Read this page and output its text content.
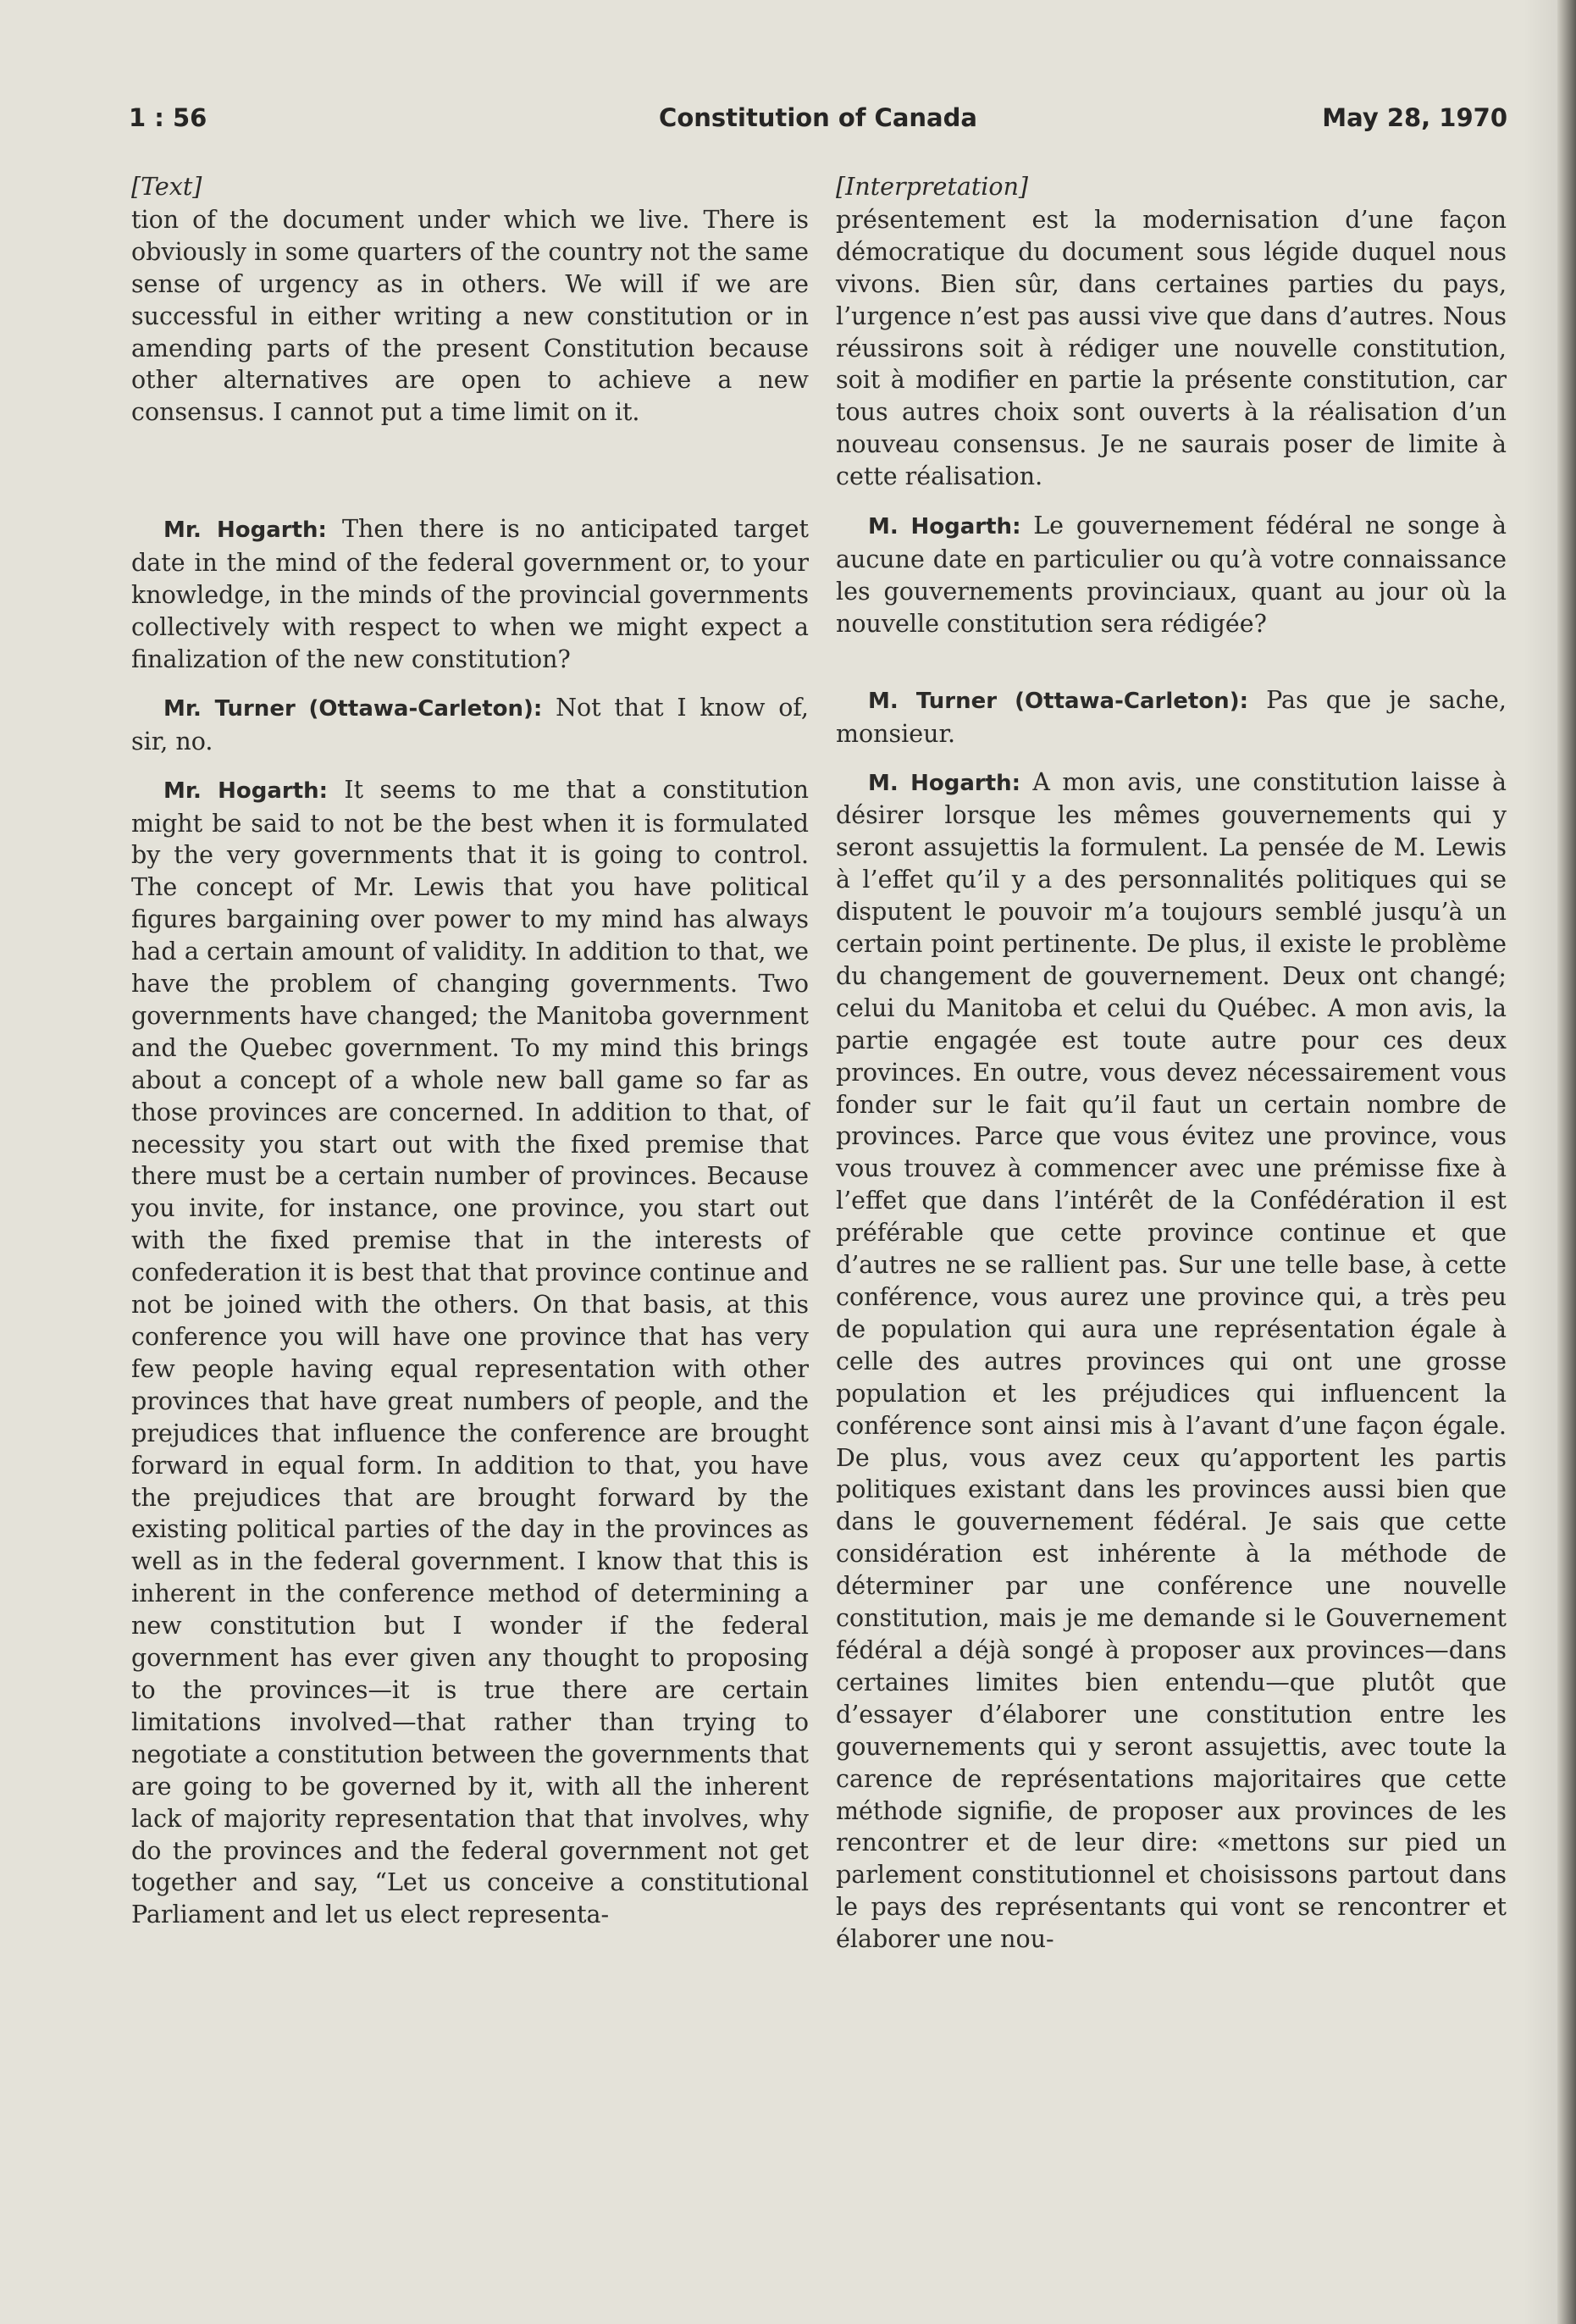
1 : 56	Constitution of Canada	May 28, 1970
[Text]

tion of the document under which we live. There is obviously in some quarters of the country not the same sense of urgency as in others. We will if we are successful in either writing a new constitution or in amending parts of the present Constitution because other alternatives are open to achieve a new consensus. I cannot put a time limit on it.

Mr. Hogarth: Then there is no anticipated target date in the mind of the federal government or, to your knowledge, in the minds of the provincial governments collectively with respect to when we might expect a finalization of the new constitution?

Mr. Turner (Ottawa-Carleton): Not that I know of, sir, no.

Mr. Hogarth: It seems to me that a constitution might be said to not be the best when it is formulated by the very governments that it is going to control. The concept of Mr. Lewis that you have political figures bargaining over power to my mind has always had a certain amount of validity. In addition to that, we have the problem of changing governments. Two governments have changed; the Manitoba government and the Quebec government. To my mind this brings about a concept of a whole new ball game so far as those provinces are concerned. In addition to that, of necessity you start out with the fixed premise that there must be a certain number of provinces. Because you invite, for instance, one province, you start out with the fixed premise that in the interests of confederation it is best that that province continue and not be joined with the others. On that basis, at this conference you will have one province that has very few people having equal representation with other provinces that have great numbers of people, and the prejudices that influence the conference are brought forward in equal form. In addition to that, you have the prejudices that are brought forward by the existing political parties of the day in the provinces as well as in the federal government. I know that this is inherent in the conference method of determining a new constitution but I wonder if the federal government has ever given any thought to proposing to the provinces—it is true there are certain limitations involved—that rather than trying to negotiate a constitution between the governments that are going to be governed by it, with all the inherent lack of majority representation that that involves, why do the provinces and the federal government not get together and say, “Let us conceive a constitutional Parliament and let us elect representa-

[Interpretation]

présentement est la modernisation d’une façon démocratique du document sous légide duquel nous vivons. Bien sûr, dans certaines parties du pays, l’urgence n’est pas aussi vive que dans d’autres. Nous réussirons soit à rédiger une nouvelle constitution, soit à modifier en partie la présente constitution, car tous autres choix sont ouverts à la réalisation d’un nouveau consensus. Je ne saurais poser de limite à cette réalisation.

M. Hogarth: Le gouvernement fédéral ne songe à aucune date en particulier ou qu’à votre connaissance les gouvernements provinciaux, quant au jour où la nouvelle constitution sera rédigée?

M. Turner (Ottawa-Carleton): Pas que je sache, monsieur.

M. Hogarth: A mon avis, une constitution laisse à désirer lorsque les mêmes gouvernements qui y seront assujettis la formulent. La pensée de M. Lewis à l’effet qu’il y a des personnalités politiques qui se disputent le pouvoir m’a toujours semblé jusqu’à un certain point pertinente. De plus, il existe le problème du changement de gouvernement. Deux ont changé; celui du Manitoba et celui du Québec. A mon avis, la partie engagée est toute autre pour ces deux provinces. En outre, vous devez nécessairement vous fonder sur le fait qu’il faut un certain nombre de provinces. Parce que vous évitez une province, vous vous trouvez à commencer avec une prémisse fixe à l’effet que dans l’intérêt de la Confédération il est préférable que cette province continue et que d’autres ne se rallient pas. Sur une telle base, à cette conférence, vous aurez une province qui, a très peu de population qui aura une représentation égale à celle des autres provinces qui ont une grosse population et les préjudices qui influencent la conférence sont ainsi mis à l’avant d’une façon égale. De plus, vous avez ceux qu’apportent les partis politiques existant dans les provinces aussi bien que dans le gouvernement fédéral. Je sais que cette considération est inhérente à la méthode de déterminer par une conférence une nouvelle constitution, mais je me demande si le Gouvernement fédéral a déjà songé à proposer aux provinces—dans certaines limites bien entendu—que plutôt que d’essayer d’élaborer une constitution entre les gouvernements qui y seront assujettis, avec toute la carence de représentations majoritaires que cette méthode signifie, de proposer aux provinces de les rencontrer et de leur dire: «mettons sur pied un parlement constitutionnel et choisissons partout dans le pays des représentants qui vont se rencontrer et élaborer une nou-
